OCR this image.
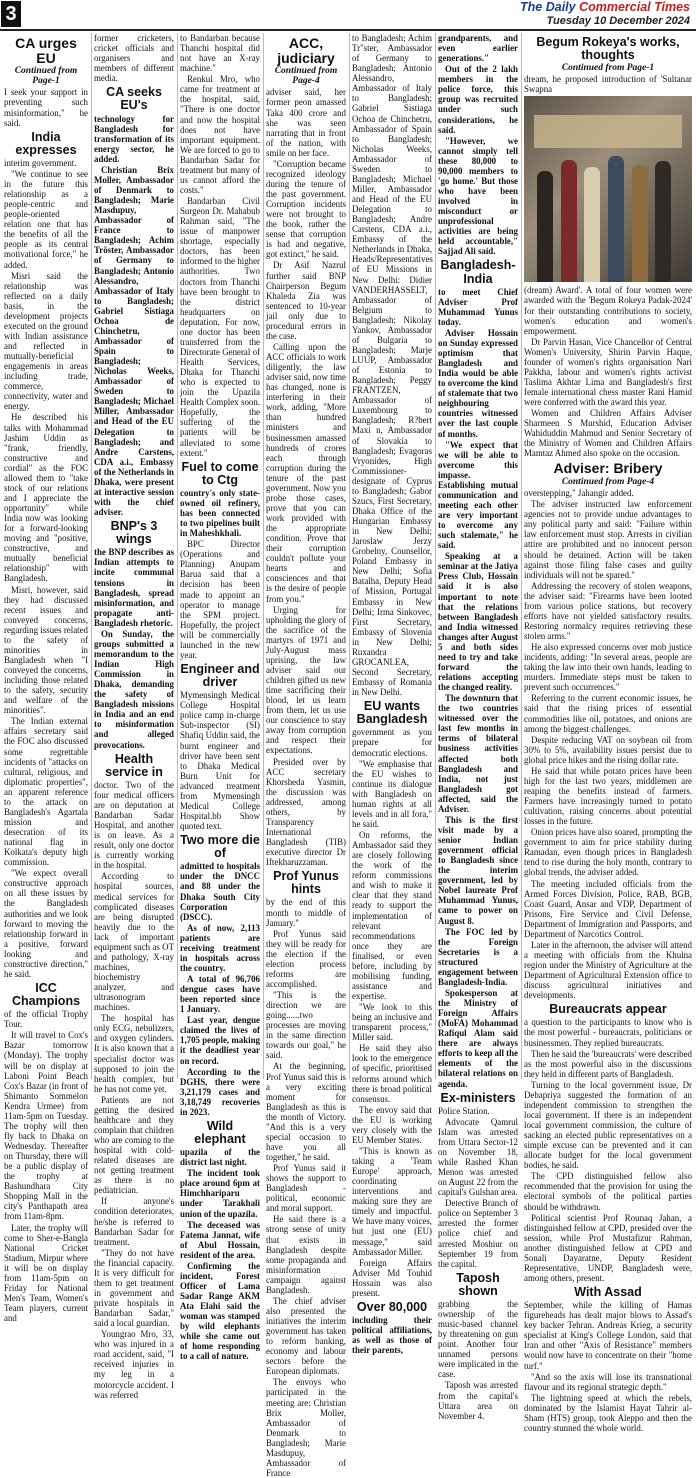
3	The Daily Commercial Times
Tuesday 10 December 2024
CA urges EU
Continued from Page-1

I seek your support in preventing such misinformation," he said.

India expresses

interim government.

"We continue to see in the future this relationship as a people-centric and people-oriented relation one that has the benefits of all the people as its central motivational force," he added.

Misri said the relationship was reflected on a daily basis, in the development projects executed on the ground with Indian assistance and reflected in mutually-beneficial engagements in areas including trade, commerce, connectivity, water and energy.

He described his talks with Mohammad Jashim Uddin as "frank, friendly, constructive and cordial" as the FOC allowed them to "take stock of our relations and I appreciate the opportunity" while India now was looking for a forward-looking moving and "positive, constructive, and mutually beneficial relationship" with Bangladesh.

Misri, however, said they had discussed recent issues and conveyed concerns, regarding issues related to the safety of minorities in Bangladesh when "I conveyed the concerns, including those related to the safety, security and welfare of the minorities".

The Indian external affairs secretary said the FOC also discussed some regrettable incidents of "attacks on cultural, religious, and diplomatic properties", an apparent reference to the attack on Bangladesh's Agartala mission and desecration of its national flag in Kolkata's deputy high commission.

"We expect overall constructive approach on all these issues by the Bangladesh authorities and we look forward to moving the relationship forward in a positive, forward looking and constructive direction," he said.

ICC Champions

of the official Trophy Tour.

It will travel to Cox's Bazar tomorrow (Monday). The trophy will be on display at Laboni Point Beach Cox's Bazar (in front of Shimanto Sommelon Kendra Urmee) from 11am-5pm on Tuesday. The trophy will then fly back to Dhaka on Wednesday. Thereafter on Thursday, there will be a public display of the trophy at Bashundhara City Shopping Mall in the city's Panthapath area from 11am-8pm.

Later, the trophy will come to Sher-e-Bangla National Cricket Stadium, Mirpur where it will be on display from 11am-5pm on Friday for National Men's Team, Women's Team players, current and

former cricketers, cricket officials and organisers and members of different media.

CA seeks EU's

technology for Bangladesh for transformation of its energy sector, he added.

Christian Brix Moller, Ambassador of Denmark to Bangladesh; Marie Masdupuy, Ambassador of France to Bangladesh; Achim Tröster, Ambassador of Germany to Bangladesh; Antonio Alessandro, Ambassador of Italy to Bangladesh; Gabriel Sistiaga Ochoa de Chinchetru, Ambassador of Spain to Bangladesh; Nicholas Weeks, Ambassador of Sweden to Bangladesh; Michael Miller, Ambassador and Head of the EU Delegation to Bangladesh; and Andre Carstens, CDA a.i., Embassy of the Netherlands in Dhaka, were present at interactive session with the chief adviser.

BNP's 3 wings

the BNP describes as Indian attempts to incite communal tensions in Bangladesh, spread misinformation, and propagate anti-Bangladesh rhetoric.

On Sunday, the groups submitted a memorandum to the Indian High Commission in Dhaka, demanding the safety of Bangladesh missions in India and an end to misinformation and alleged provocations.

Health service in

doctor. Two of the four medical officers are on deputation at Bandarban Sadar Hospital, and another is on leave. As a result, only one doctor is currently working in the hospital.

According to hospital sources, medical services for complicated diseases are being disrupted heavily due to the lack of important equipment such as OT and pathology, X-ray machines, biochemistry analyzer, and ultrasonogram machines.

The hospital has only ECG, nebulizers, and oxygen cylinders. It is also known that a specialist doctor was supposed to join the health complex, but he has not come yet.

Patients are not getting the desired healthcare and they complain that children who are coming to the hospital with cold-related diseases are not getting treatment as there is no pediatrician.

If anyone's condition deteriorates, he/she is referred to Bandarban Sadar for treatment.

"They do not have the financial capacity. It is very difficult for them to get treatment in government and private hospitals in Bandarban Sadar," said a local guardian.

Youngrao Mro, 33, who was injured in a road accident, said, "I received injuries in my leg in a motorcycle accident. I was referred

to Bandarban because Thanchi hospital did not have an X-ray machine."

Renkul Mro, who came for treatment at the hospital, said, "There is one doctor and now the hospital does not have important equipment. We are forced to go to Bandarban Sadar for treatment but many of us cannot afford the costs."

Bandarban Civil Surgeon Dr. Mahabub Rahman said, "The issue of manpower shortage, especially doctors, has been informed to the higher authorities. Two doctors from Thanchi have been brought to the district headquarters on deputation. For now, one doctor has been transferred from the Directorate General of Health Services, Dhaka for Thanchi who is expected to join the Upazila Health Complex soon. Hopefully, the suffering of the patients will be alleviated to some extent."

Fuel to come to Ctg

country's only state-owned oil refinery, has been connected to two pipelines built in Maheshkhali.

BPC Director (Operations and Planning) Anupam Barua said that a decision has been made to appoint an operator to manage the SPM project. Hopefully, the project will be commercially launched in the new year.

Engineer and driver

Mymensingh Medical College Hospital police camp in-charge Sub-inspector (SI) Shafiq Uddin said, the burnt engineer and driver have been sent to Dhaka Medical Burn Unit for advanced treatment from Mymensingh Medical College Hospital.bb Show quoted text.

Two more die of

admitted to hospitals under the DNCC and 88 under the Dhaka South City Corporation (DSCC).

As of now, 2,113 patients are receiving treatment in hospitals across the country.

A total of 96,706 dengue cases have been reported since 1 January.

Last year, dengue claimed the lives of 1,705 people, making it the deadliest year on record.

According to the DGHS, there were 3,21,179 cases and 3,18,749 recoveries in 2023.

Wild elephant

upazila of the district last night.

The incident took place around 6pm at Himchhariparu under Tarakhali union of the upazila.

The deceased was Fatema Jannat, wife of Abul Hossain, resident of the area.

Confirming the incident, Forest Officer of Lama Sadar Range AKM Ata Elahi said the woman was stamped by wild elephants while she came out of home responding to a call of nature.

ACC, judiciary
Continued from Page-4

adviser said, her former peon amassed Taka 400 crore and she was seen narrating that in front of the nation, with smile on her face.

"Corruption became recognized ideology during the tenure of the past government. Corruption incidents were not brought to the book, rather the sense that corruption is bad and negative, got extinct," he said.

Dr Asif Nazrul further said BNP Chairperson Begum Khaleda Zia was sentenced to 10-year jail only due to procedural errors in the case.

Calling upon the ACC officials to work diligently, the law adviser said, now time has changed, none is interfering in their work, adding, "More than hundred ministers and businessmen amassed hundreds of crores each through corruption during the tenure of the past government. Now you probe those cases, prove that you can work provided with the appropriate condition. Prove that their corruption couldn't pollute your hearts and consciences and that is the desire of people from you."

Urging for upholding the glory of the sacrifice of the martyrs of 1971 and July-August mass uprising, the law adviser said our children gifted us new time sacrificing their blood, let us learn from them, let us use our conscience to stay away from corruption and respect their expectations.

Presided over by ACC secretary Khorsheda Yasmin, the discussion was addressed, among others, by Transparency International Bangladesh (TIB) executive director Dr Iftekharuzzaman.

Prof Yunus hints

by the end of this month to middle of January."

Prof Yunus said they will be ready for the election if the election process reforms are accomplished.

"This is the direction we are going......two processes are moving in the same direction towards our goal," he said.

At the beginning, Prof Yunus said this is a very exciting moment for Bangladesh as this is the month of Victory. "And this is a very special occasion to have you all together," he said.

Prof Yunus said it shows the support to Bangladesh - political, economic and moral support.

He said there is a strong sense of unity that exists in Bangladesh despite some propaganda and misinformation campaign against Bangladesh.

The chief adviser also presented the initiatives the interim government has taken to reform banking, economy and labour sectors before the European diplomats.

The envoys who participated in the meeting are: Christian Brix Moller, Ambassador of Denmark to Bangladesh; Marie Masdupuy, Ambassador of France

to Bangladesh; Achim Tr"ster, Ambassador of Germany to Bangladesh; Antonio Alessandro, Ambassador of Italy to Bangladesh; Gabriel Sistiaga Ochoa de Chinchetru, Ambassador of Spain to Bangladesh; Nicholas Weeks, Ambassador of Sweden to Bangladesh; Michael Miller, Ambassador and Head of the EU Delegation to Bangladesh; Andre Carstens, CDA a.i., Embassy of the Netherlands in Dhaka, Heads/Representatives of EU Missions in New Delhi: Didier VANDERHASSELT, Ambassador of Belgium to Bangladesh; Nikolay Yankov, Ambassador of Bulgaria to Bangladesh; Marje LUUP, Ambassador of Estonia to Bangladesh; Peggy FRANTZEN, Ambassador of Luxembourg to Bangladesh; R?bert Maxi n, Ambassador of Slovakia to Bangladesh; Evagoras Vryonides, High Commissioner-designate of Cyprus to Bangladesh; Gabor Szucs, First Secretary, Dhaka Office of the Hungarian Embassy in New Delhi; Jaroslaw Jerzy Grobelny, Counsellor, Poland Embassy in New Delhi; Sofia Batalha, Deputy Head of Mission, Portugal Embassy in New Delhi; Irma Sinkovec, First Secretary, Embassy of Slovenia in New Delhi; Ruxandra GROCANLEA, Second Secretary, Embassy of Romania in New Delhi.

EU wants Bangladesh

government as you prepare for democratic elections.

"We emphasise that the EU wishes to continue its dialogue with Bangladesh on human rights at all levels and in all fora," he said.

On reforms, the Ambassador said they are closely following the work of the reform commissions and wish to make it clear that they stand ready to support the implementation of relevant recommendations once they are finalised, or even before, including by mobilising funding, assistance and expertise.

"We look to this being an inclusive and transparent process," Miller said.

He said they also look to the emergence of specific, prioritised reforms around which there is broad political consensus.

The envoy said that the EU is working very closely with the EU Member States.

"This is known as taking a 'Team Europe' approach, coordinating interventions and making sure they are timely and impactful. We have many voices, but just one (EU) message," said Ambassador Miller.

Foreign Affairs Adviser Md Touhid Hossain was also present.

Over 80,000

including their political affiliations, as well as those of their parents,

grandparents, and even earlier generations."

Out of the 2 lakh members in the police force, this group was recruited under such considerations, he said.

"However, we cannot simply tell these 80,000 to 90,000 members to 'go home.' But those who have been involved in misconduct or unprofessional activities are being held accountable," Sajjad Ali said.

Bangladesh-India

to meet Chief Adviser Prof Muhammad Yunus today.

Adviser Hossain on Sunday expressed optimism that Bangladesh and India would be able to overcome the kind of stalemate that two neighbouring countries witnessed over the last couple of months.

"We expect that we will be able to overcome this impasse. Establishing mutual communication and meeting each other are very important to overcome any such stalemate," he said.

Speaking at a seminar at the Jatiya Press Club, Hossain said it is also important to note that the relations between Bangladesh and India witnessed changes after August 5 and both sides need to try and take forward the relations accepting the changed reality.

The downturn that the two countries witnessed over the last few months in terms of bilateral business activities affected both Bangladesh and India, not just Bangladesh got affected, said the Adviser.

This is the first visit made by a senior Indian government official to Bangladesh since the interim government, led by Nobel laureate Prof Muhammad Yunus, came to power on August 8.

The FOC led by the Foreign Secretaries is a structured engagement between Bangladesh-India.

Spokesperson at the Ministry of Foreign Affairs (MoFA) Mohammad Rafiqul Alam said there are always efforts to keep all the elements of the bilateral relations on agenda.

Ex-ministers

Police Station.

Advocate Qamrul Islam was arrested from Uttara Sector-12 on November 18, while Rashed Khan Menon was arrested on August 22 from the capital's Gulshan area.

Detective Branch of police on September 3 arrested the former police chief and arrested Moshiur on September 19 from the capital.

Taposh shown

grabbing the ownership of the music-based channel by threatening on gun point. Another four unnamed persons were implicated in the case.

Taposh was arrested from the capital's Uttara area on November 4.

Begum Rokeya's works, thoughts
Continued from Page-1

dream, he proposed introduction of 'Sultanar Swapna

(dream) Award'. A total of four women were awarded with the 'Begum Rokeya Padak-2024' for their outstanding contributions to society, women's education and women's empowerment.

Dr Parvin Hasan, Vice Chancellor of Central Women's University, Shirin Parvin Haque, founder of women's rights organisation Nari Pakkha, labour and women's rights activist Taslima Akhtar Lima and Bangladesh's first female international chess master Rani Hamid were conferred with the award this year.

Women and Children Affairs Adviser Sharmeen S Murshid, Education Adviser Wahiduddin Mahmud and Senior Secretary of the Ministry of Women and Children Affairs Mamtaz Ahmed also spoke on the occasion.

Adviser: Bribery
Continued from Page-4

overstepping," Jahangir added.

The adviser instructed law enforcement agencies not to provide undue advantages to any political party and said: "Failure within law enforcement must stop. Arrests in civilian attire are prohibited and no innocent person should be detained. Action will be taken against those filing false cases and guilty individuals will not be spared."

Addressing the recovery of stolen weapons, the adviser said: "Firearms have been looted from various police stations, but recovery efforts have not yielded satisfactory results. Restoring normalcy requires retrieving these stolen arms."

He also expressed concerns over mob justice incidents, adding: "In several areas, people are taking the law into their own hands, leading to murders. Immediate steps must be taken to prevent such occurrences."

Referring to the current economic issues, he said that the rising prices of essential commodities like oil, potatoes, and onions are among the biggest challenges.

Despite reducing VAT on soybean oil from 30% to 5%, availability issues persist due to global price hikes and the rising dollar rate.

He said that while potato prices have been high for the last two years, middlemen are reaping the benefits instead of farmers. Farmers have increasingly turned to potato cultivation, raising concerns about potential losses in the future.

Onion prices have also soared, prompting the government to aim for price stability during Ramadan, even though prices in Bangladesh tend to rise during the holy month, contrary to global trends, the adviser added.

The meeting included officials from the Armed Forces Division, Police, RAB, BGB, Coast Guard, Ansar and VDP, Department of Prisons, Fire Service and Civil Defense, Department of Immigration and Passports, and Department of Narcotics Control.

Later in the afternoon, the adviser will attend a meeting with officials from the Khulna region under the Ministry of Agriculture at the Department of Agricultural Extension office to discuss agricultural initiatives and developments.

Bureaucrats appear

a question to the participants to know who is the most powerful - bureaucrats, politicians or businessmen. They replied bureaucrats.

Then he said the 'bureaucrats' were described as the most powerful also in the discussions they held in different parts of Bangladesh.

Turning to the local government issue, Dr Debapriya suggested the formation of an independent commission to strengthen the local government. If there is an independent local government commission, the culture of sacking an elected public representatives on a simple excuse can be prevented and it can allocate budget for the local government bodies, he said.

The CPD distinguished fellow also recommended that the provision for using the electoral symbols of the political parties should be withdrawn.

Political scientist Prof Rounaq Jahan, a distinguished fellow at CPD, presided over the session, while Prof Mustafizur Rahman, another distinguished fellow at CPD and Sonali Dayaratne, Deputy Resident Representative, UNDP, Bangladesh were, among others, present.

With Assad

September, while the killing of Hamas figureheads has dealt major blows to Assad's key backer Tehran. Andreas Krieg, a security specialist at King's College London, said that Iran and other "Axis of Resistance" members would now have to concentrate on their "home turf."

"And so the axis will lose its transnational flavour and its regional strategic depth."

The lightning speed at which the rebels, dominated by the Islamist Hayat Tahrir al-Sham (HTS) group, took Aleppo and then the country stunned the whole world.
